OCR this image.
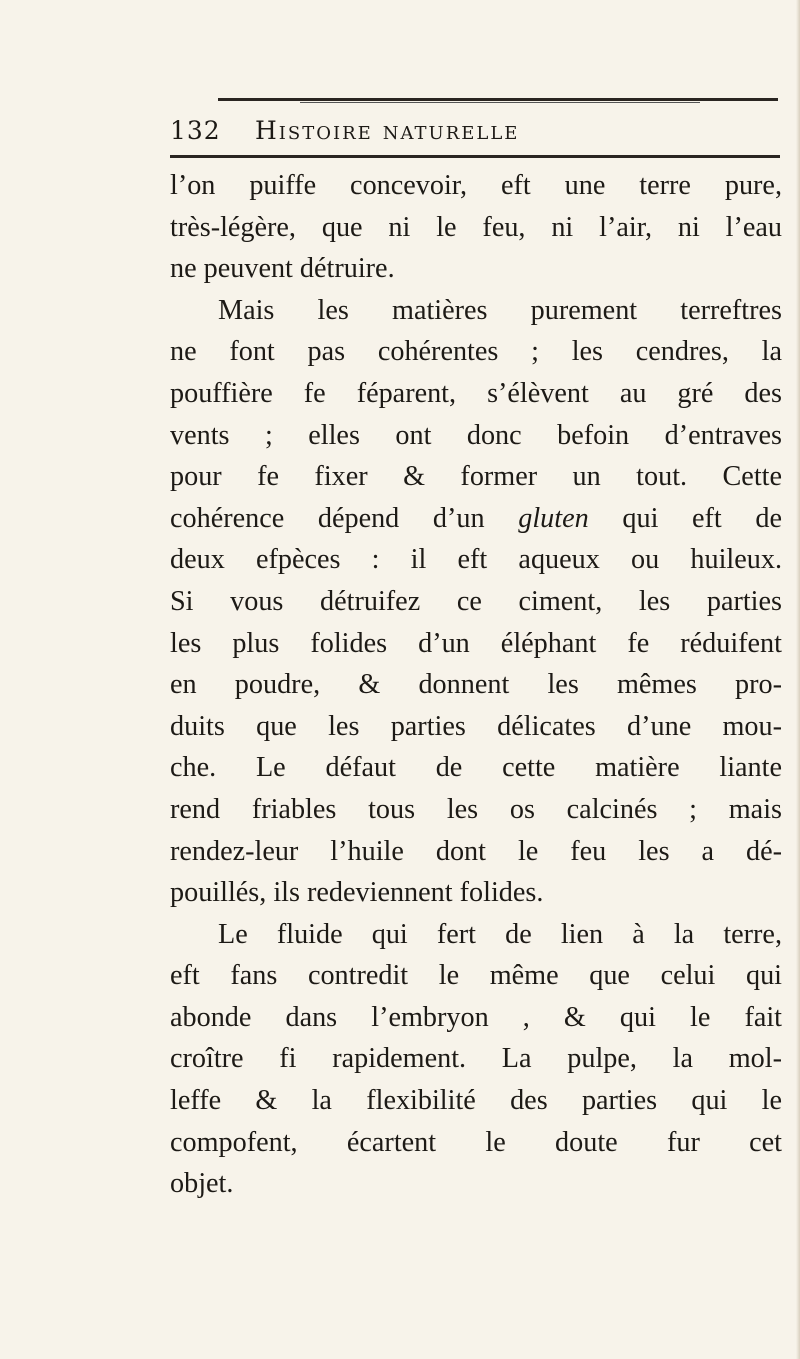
132 Histoire naturelle
l’on puiffe concevoir, eft une terre pure,
très-légère, que ni le feu, ni l’air, ni l’eau
ne peuvent détruire.
Mais les matières purement terreftres
ne font pas cohérentes ; les cendres, la
pouffière fe féparent, s’élèvent au gré des
vents ; elles ont donc befoin d’entraves
pour fe fixer & former un tout. Cette
cohérence dépend d’un gluten qui eft de
deux efpèces : il eft aqueux ou huileux.
Si vous détruifez ce ciment, les parties
les plus folides d’un éléphant fe réduifent
en poudre, & donnent les mêmes pro-
duits que les parties délicates d’une mou-
che. Le défaut de cette matière liante
rend friables tous les os calcinés ; mais
rendez-leur l’huile dont le feu les a dé-
pouillés, ils redeviennent folides.
Le fluide qui fert de lien à la terre,
eft fans contredit le même que celui qui
abonde dans l’embryon , & qui le fait
croître fi rapidement. La pulpe, la mol-
leffe & la flexibilité des parties qui le
compofent, écartent le doute fur cet
objet.
